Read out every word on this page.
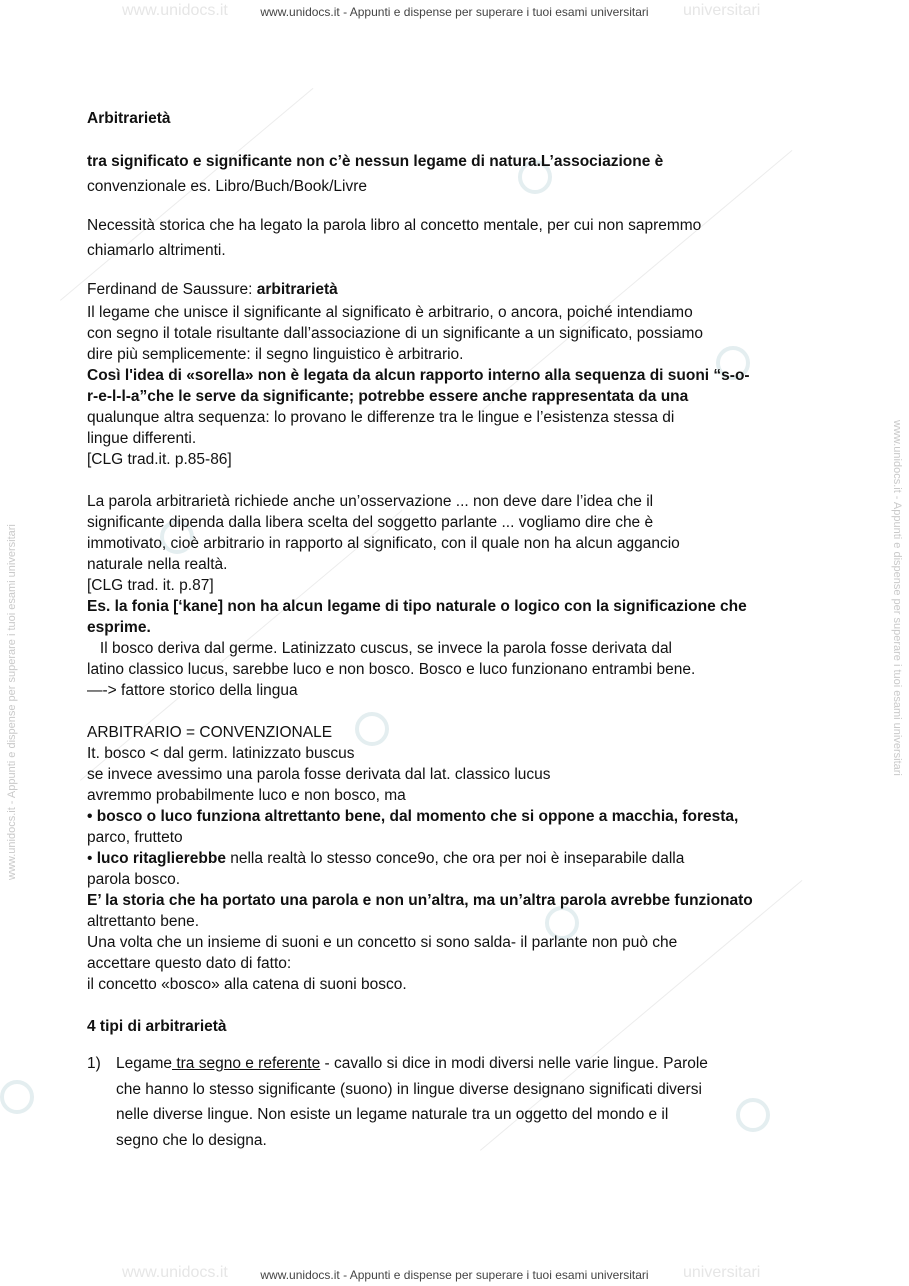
www.unidocs.it	universitari
www.unidocs.it - Appunti e dispense per superare i tuoi esami universitari
www.unidocs.it	universitari
www.unidocs.it - Appunti e dispense per superare i tuoi esami universitari
www.unidocs.it - Appunti e dispense per superare i tuoi esami universitari	www.unidocs.it - Appunti e dispense per superare i tuoi esami universitari

Arbitrarietà

tra significato e significante non c’è nessun legame di natura.L’associazione è

convenzionale es. Libro/Buch/Book/Livre

Necessità storica che ha legato la parola libro al concetto mentale, per cui non sapremmo

chiamarlo altrimenti.

Ferdinand de Saussure: arbitrarietà

Il legame che unisce il significante al significato è arbitrario, o ancora, poiché intendiamo

con segno il totale risultante dall’associazione di un significante a un significato, possiamo

dire più semplicemente: il segno linguistico è arbitrario.

Così l'idea di «sorella» non è legata da alcun rapporto interno alla sequenza di suoni “s-o-

r-e-l-l-a”che le serve da significante; potrebbe essere anche rappresentata da una

qualunque altra sequenza: lo provano le differenze tra le lingue e l’esistenza stessa di

lingue differenti.

[CLG trad.it. p.85-86]

La parola arbitrarietà richiede anche un’osservazione ... non deve dare l’idea che il

significante dipenda dalla libera scelta del soggetto parlante ... vogliamo dire che è

immotivato, cioè arbitrario in rapporto al significato, con il quale non ha alcun aggancio

naturale nella realtà.

[CLG trad. it. p.87]

Es. la fonia [‘kane] non ha alcun legame di tipo naturale o logico con la significazione che

esprime.

Il bosco deriva dal germe. Latinizzato cuscus, se invece la parola fosse derivata dal

latino classico lucus, sarebbe luco e non bosco. Bosco e luco funzionano entrambi bene.

—-> fattore storico della lingua

ARBITRARIO = CONVENZIONALE

It. bosco < dal germ. latinizzato buscus

se invece avessimo una parola fosse derivata dal lat. classico lucus

avremmo probabilmente luco e non bosco, ma

• bosco o luco funziona altrettanto bene, dal momento che si oppone a macchia, foresta,

parco, frutteto

• luco ritaglierebbe nella realtà lo stesso conce9o, che ora per noi è inseparabile dalla

parola bosco.

E’ la storia che ha portato una parola e non un’altra, ma un’altra parola avrebbe funzionato

altrettanto bene.

Una volta che un insieme di suoni e un concetto si sono salda- il parlante non può che

accettare questo dato di fatto:

il concetto «bosco» alla catena di suoni bosco.

4 tipi di arbitrarietà

1) Legame tra segno e referente - cavallo si dice in modi diversi nelle varie lingue. Parole
che hanno lo stesso significante (suono) in lingue diverse designano significati diversi
nelle diverse lingue. Non esiste un legame naturale tra un oggetto del mondo e il
segno che lo designa.
